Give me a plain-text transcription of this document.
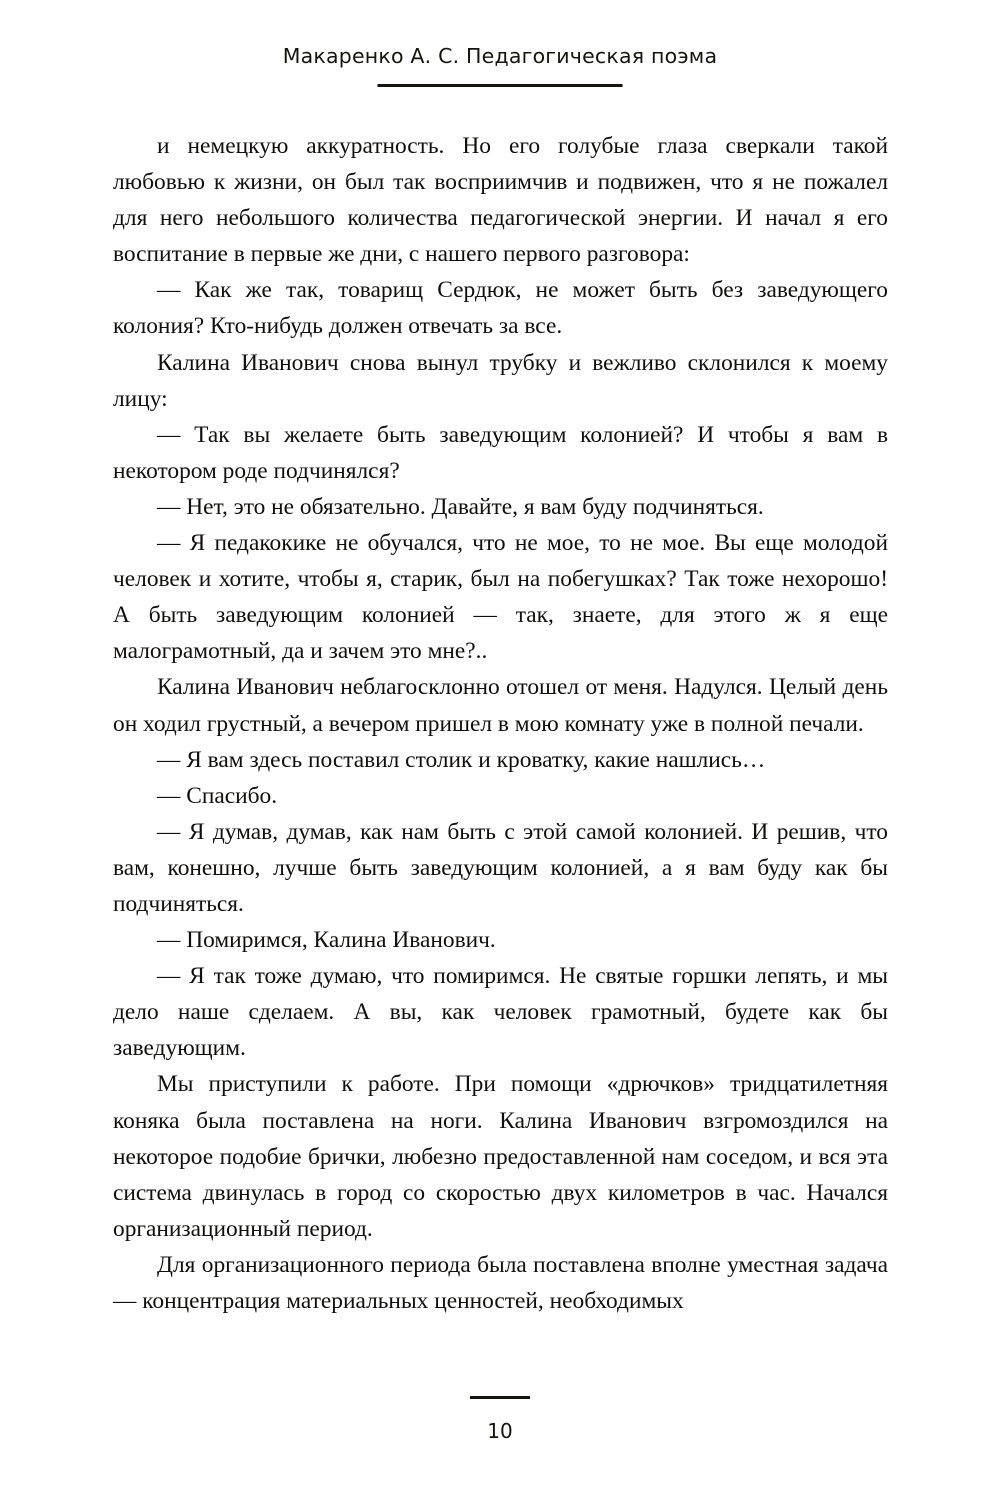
Макаренко А. С. Педагогическая поэма

и немецкую аккуратность. Но его голубые глаза сверкали такой любовью к жизни, он был так восприимчив и подвижен, что я не пожалел для него небольшого количества педагогической энергии. И начал я его воспитание в первые же дни, с нашего первого разговора:

— Как же так, товарищ Сердюк, не может быть без заведующего колония? Кто-нибудь должен отвечать за все.

Калина Иванович снова вынул трубку и вежливо склонился к моему лицу:

— Так вы желаете быть заведующим колонией? И чтобы я вам в некотором роде подчинялся?

— Нет, это не обязательно. Давайте, я вам буду подчиняться.

— Я педакокике не обучался, что не мое, то не мое. Вы еще молодой человек и хотите, чтобы я, старик, был на побегушках? Так тоже нехорошо! А быть заведующим колонией — так, знаете, для этого ж я еще малограмотный, да и зачем это мне?..

Калина Иванович неблагосклонно отошел от меня. Надулся. Целый день он ходил грустный, а вечером пришел в мою комнату уже в полной печали.

— Я вам здесь поставил столик и кроватку, какие нашлись…

— Спасибо.

— Я думав, думав, как нам быть с этой самой колонией. И решив, что вам, конешно, лучше быть заведующим колонией, а я вам буду как бы подчиняться.

— Помиримся, Калина Иванович.

— Я так тоже думаю, что помиримся. Не святые горшки лепять, и мы дело наше сделаем. А вы, как человек грамотный, будете как бы заведующим.

Мы приступили к работе. При помощи «дрючков» тридцатилетняя коняка была поставлена на ноги. Калина Иванович взгромоздился на некоторое подобие брички, любезно предоставленной нам соседом, и вся эта система двинулась в город со скоростью двух километров в час. Начался организационный период.

Для организационного периода была поставлена вполне уместная задача — концентрация материальных ценностей, необходимых

10
